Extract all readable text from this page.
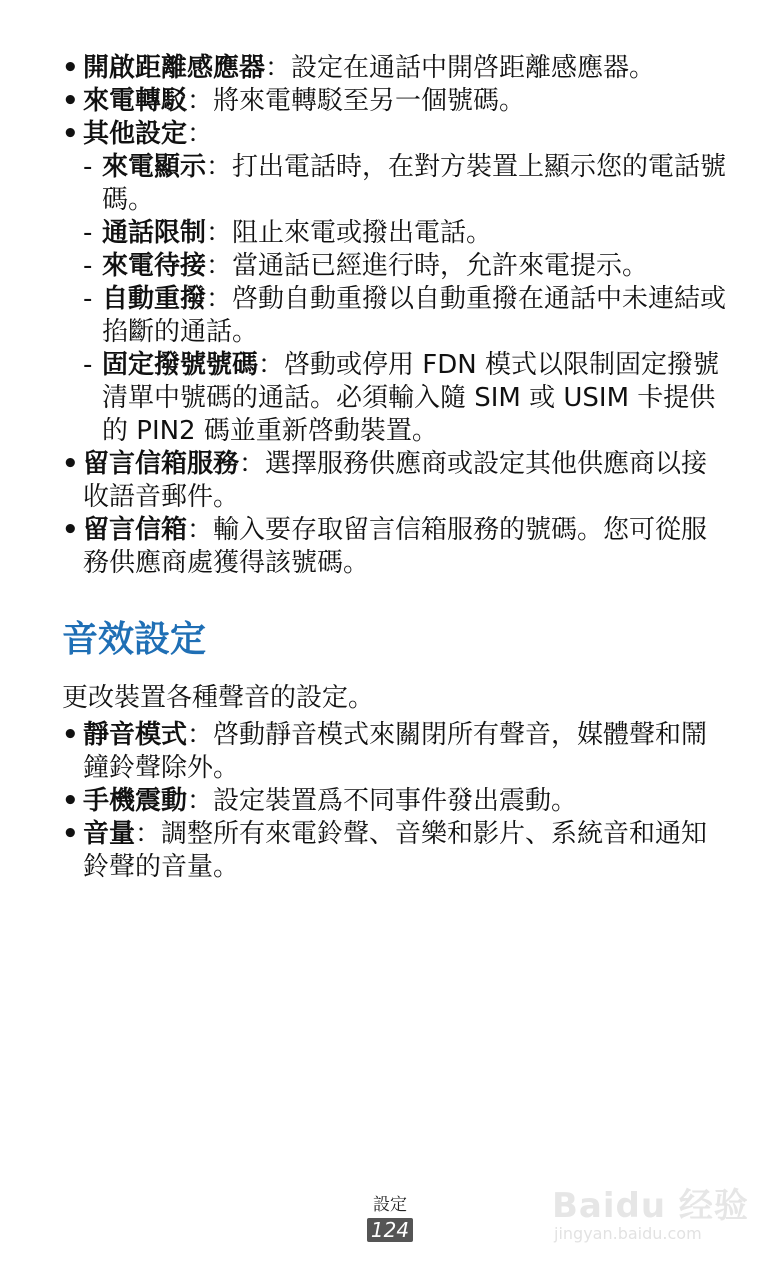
• 開啟距離感應器：設定在通話中開啓距離感應器。
• 來電轉駁：將來電轉駁至另一個號碼。
• 其他設定：
- 來電顯示：打出電話時，在對方裝置上顯示您的電話號碼。
- 通話限制：阻止來電或撥出電話。
- 來電待接：當通話已經進行時，允許來電提示。
- 自動重撥：啓動自動重撥以自動重撥在通話中未連結或掐斷的通話。
- 固定撥號號碼：啓動或停用 FDN 模式以限制固定撥號清單中號碼的通話。必須輸入隨 SIM 或 USIM 卡提供的 PIN2 碼並重新啓動裝置。
• 留言信箱服務：選擇服務供應商或設定其他供應商以接收語音郵件。
• 留言信箱：輸入要存取留言信箱服務的號碼。您可從服務供應商處獲得該號碼。
音效設定

更改裝置各種聲音的設定。

• 靜音模式：啓動靜音模式來關閉所有聲音，媒體聲和鬧鐘鈴聲除外。
• 手機震動：設定裝置爲不同事件發出震動。
• 音量：調整所有來電鈴聲、音樂和影片、系統音和通知鈴聲的音量。
設定
124
Baidu 经验
jingyan.baidu.com
